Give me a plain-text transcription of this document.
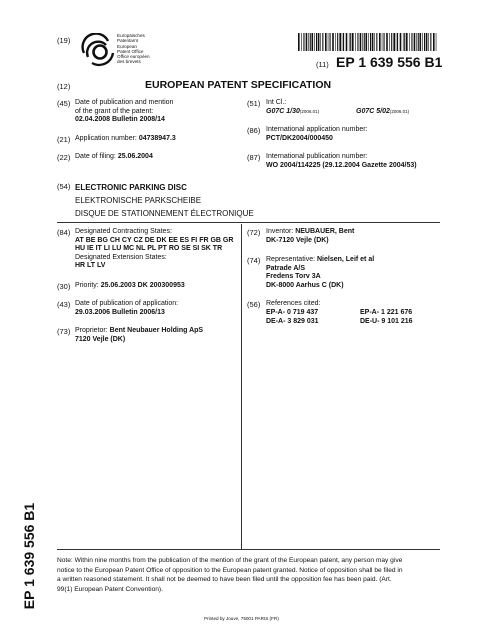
(19)
Europäisches
Patentamt
European
Patent Office
Office européen
des brevets	(11) EP 1 639 556 B1
(12)	EUROPEAN PATENT SPECIFICATION
(45) Date of publication and mention
of the grant of the patent:
02.04.2008 Bulletin 2008/14
(21) Application number: 04738947.3
(22) Date of filing: 25.06.2004
(51) Int Cl.:
G07C $1/30^{(2006.01)}$	G07C $5/02^{(2006.01)}$
(86) International application number:
PCT/DK2004/000450
(87) International publication number:
WO 2004/114225 (29.12.2004 Gazette 2004/53)
(54) ELECTRONIC PARKING DISC
ELEKTRONISCHE PARKSCHEIBE
DISQUE DE STATIONNEMENT ÉLECTRONIQUE
(84) Designated Contracting States:
AT BE BG CH CY CZ DE DK EE ES FI FR GB GR
HU IE IT LI LU MC NL PL PT RO SE SI SK TR
Designated Extension States:
HR LT LV
(30) Priority: 25.06.2003 DK 200300953
(43) Date of publication of application:
29.03.2006 Bulletin 2006/13
(73) Proprietor: Bent Neubauer Holding ApS
7120 Vejle (DK)
(72) Inventor: NEUBAUER, Bent
DK-7120 Vejle (DK)
(74) Representative: Nielsen, Leif et al
Patrade A/S
Fredens Torv 3A
DK-8000 Aarhus C (DK)
(56) References cited:
EP-A- 0 719 437	EP-A- 1 221 676
DE-A- 3 829 031	DE-U- 9 101 216
EP 1 639 556 B1	Note: Within nine months from the publication of the mention of the grant of the European patent, any person may give
notice to the European Patent Office of opposition to the European patent granted. Notice of opposition shall be filed in
a written reasoned statement. It shall not be deemed to have been filed until the opposition fee has been paid. (Art.
99(1) European Patent Convention).
Printed by Jouve, 75001 PARIS (FR)
